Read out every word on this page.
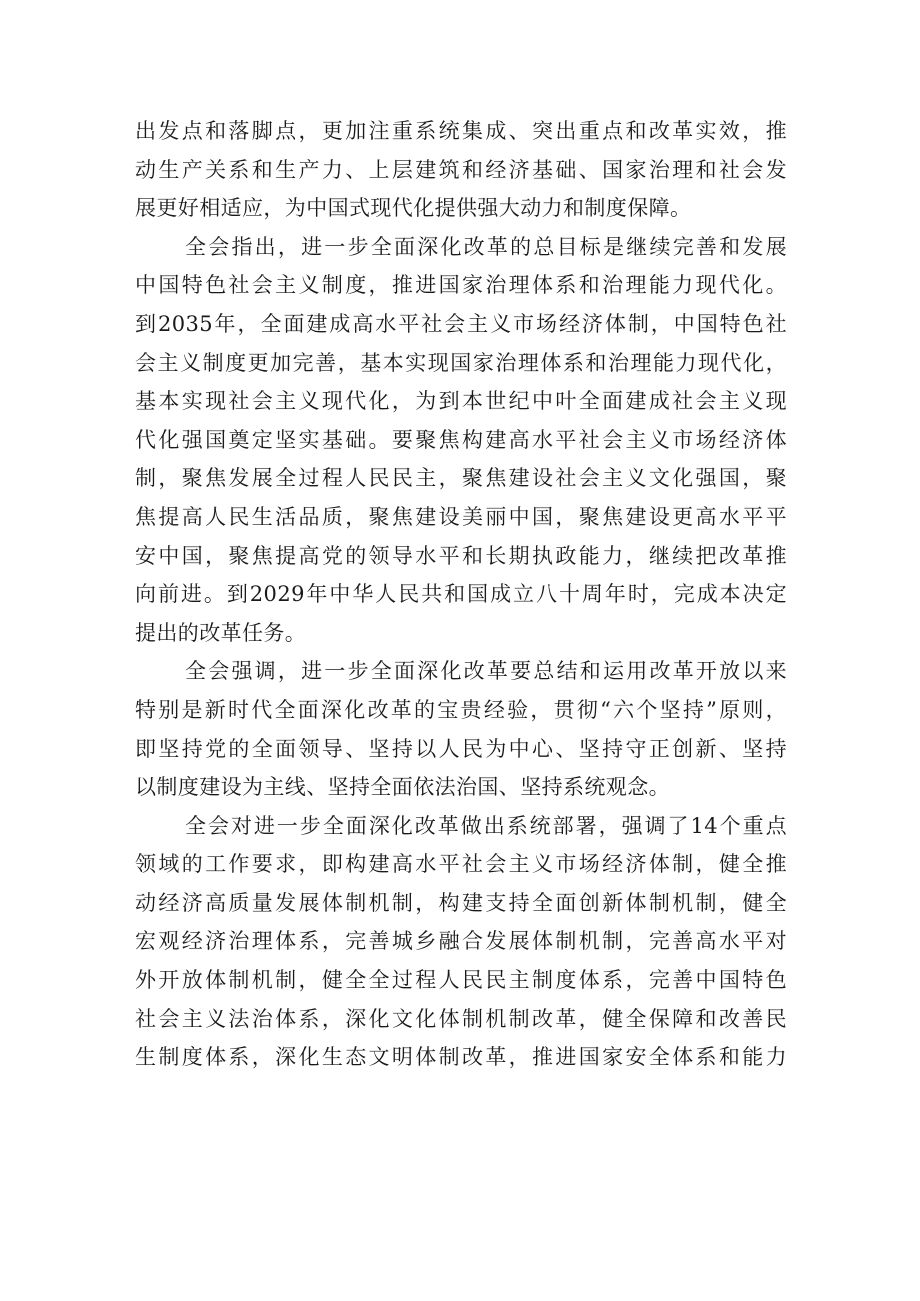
出发点和落脚点，更加注重系统集成、突出重点和改革实效，推
动生产关系和生产力、上层建筑和经济基础、国家治理和社会发
展更好相适应，为中国式现代化提供强大动力和制度保障。
全会指出，进一步全面深化改革的总目标是继续完善和发展
中国特色社会主义制度，推进国家治理体系和治理能力现代化。
到2035年，全面建成高水平社会主义市场经济体制，中国特色社
会主义制度更加完善，基本实现国家治理体系和治理能力现代化，
基本实现社会主义现代化，为到本世纪中叶全面建成社会主义现
代化强国奠定坚实基础。要聚焦构建高水平社会主义市场经济体
制，聚焦发展全过程人民民主，聚焦建设社会主义文化强国，聚
焦提高人民生活品质，聚焦建设美丽中国，聚焦建设更高水平平
安中国，聚焦提高党的领导水平和长期执政能力，继续把改革推
向前进。到2029年中华人民共和国成立八十周年时，完成本决定
提出的改革任务。
全会强调，进一步全面深化改革要总结和运用改革开放以来
特别是新时代全面深化改革的宝贵经验，贯彻“六个坚持”原则，
即坚持党的全面领导、坚持以人民为中心、坚持守正创新、坚持
以制度建设为主线、坚持全面依法治国、坚持系统观念。
全会对进一步全面深化改革做出系统部署，强调了14个重点
领域的工作要求，即构建高水平社会主义市场经济体制，健全推
动经济高质量发展体制机制，构建支持全面创新体制机制，健全
宏观经济治理体系，完善城乡融合发展体制机制，完善高水平对
外开放体制机制，健全全过程人民民主制度体系，完善中国特色
社会主义法治体系，深化文化体制机制改革，健全保障和改善民
生制度体系，深化生态文明体制改革，推进国家安全体系和能力
